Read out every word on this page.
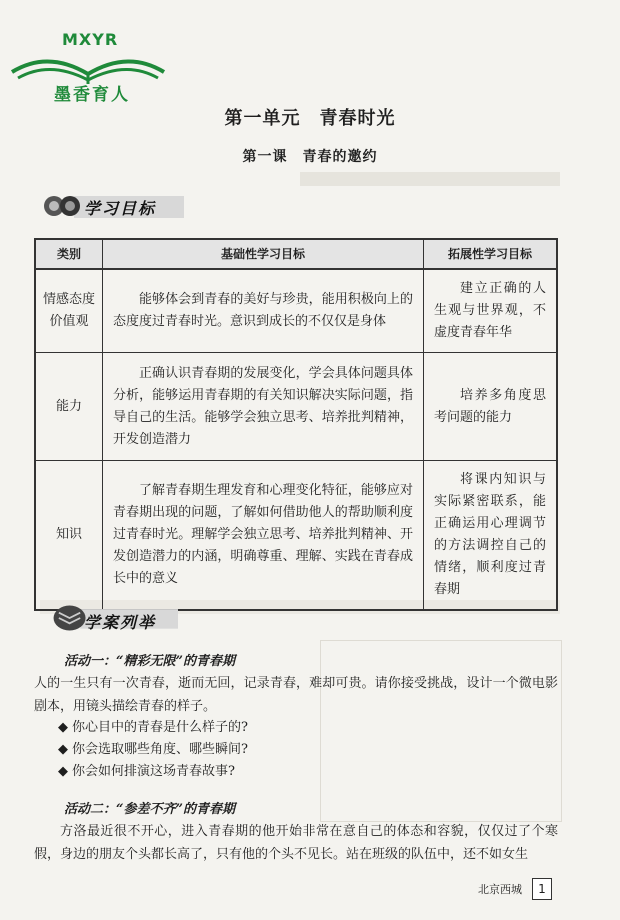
MXYR
墨香育人
第一单元　青春时光
第一课　青春的邀约
学习目标
类别	基础性学习目标	拓展性学习目标
情感态度价值观	能够体会到青春的美好与珍贵，能用积极向上的态度度过青春时光。意识到成长的不仅仅是身体	建立正确的人生观与世界观，不虚度青春年华
能力	正确认识青春期的发展变化，学会具体问题具体分析，能够运用青春期的有关知识解决实际问题，指导自己的生活。能够学会独立思考、培养批判精神，开发创造潜力	培养多角度思考问题的能力
知识	了解青春期生理发育和心理变化特征，能够应对青春期出现的问题，了解如何借助他人的帮助顺利度过青春时光。理解学会独立思考、培养批判精神、开发创造潜力的内涵，明确尊重、理解、实践在青春成长中的意义	将课内知识与实际紧密联系，能正确运用心理调节的方法调控自己的情绪，顺利度过青春期
学案列举
活动一：“精彩无限”的青春期
人的一生只有一次青春，逝而无回，记录青春，难却可贵。请你接受挑战，设计一个微电影剧本，用镜头描绘青春的样子。
◆ 你心目中的青春是什么样子的?
◆ 你会选取哪些角度、哪些瞬间?
◆ 你会如何排演这场青春故事?
活动二：“参差不齐”的青春期
方洛最近很不开心，进入青春期的他开始非常在意自己的体态和容貌，仅仅过了个寒假，身边的朋友个头都长高了，只有他的个头不见长。站在班级的队伍中，还不如女生
北京西城	1
